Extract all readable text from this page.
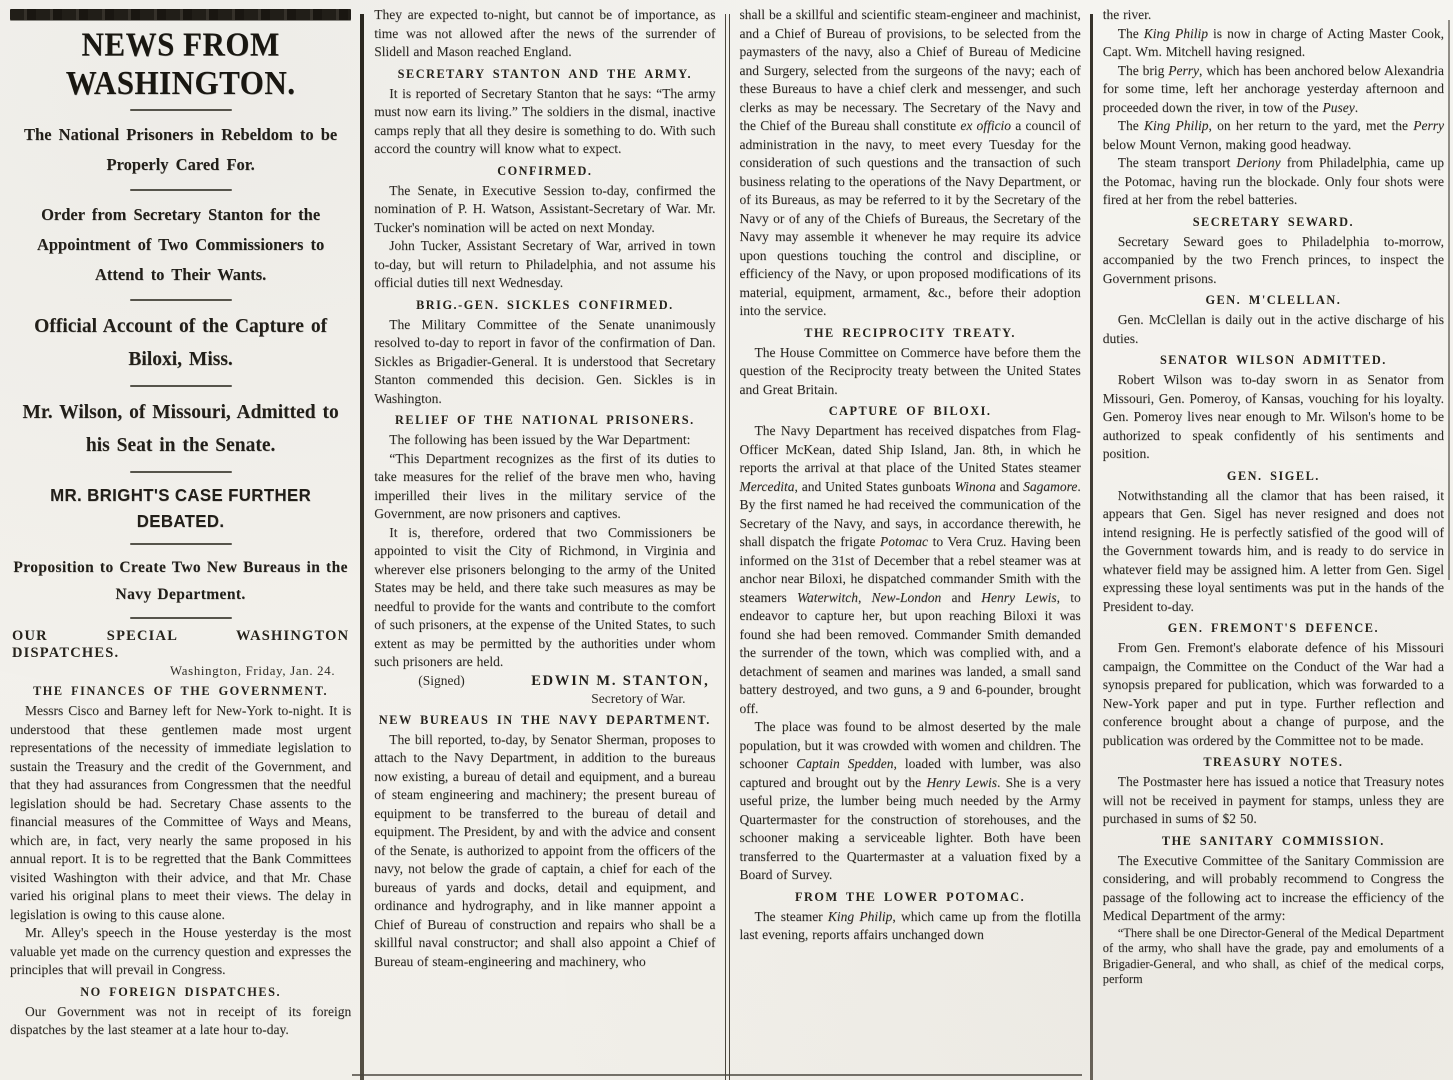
NEWS FROM WASHINGTON.
The National Prisoners in Rebeldom to be Properly Cared For.
Order from Secretary Stanton for the Appointment of Two Commissioners to Attend to Their Wants.
Official Account of the Capture of Biloxi, Miss.
Mr. Wilson, of Missouri, Admitted to his Seat in the Senate.
MR. BRIGHT'S CASE FURTHER DEBATED.
Proposition to Create Two New Bureaus in the Navy Department.
OUR SPECIAL WASHINGTON DISPATCHES.
Washington, Friday, Jan. 24.
THE FINANCES OF THE GOVERNMENT.

Messrs Cisco and Barney left for New-York to-night. It is understood that these gentlemen made most urgent representations of the necessity of immediate legislation to sustain the Treasury and the credit of the Government, and that they had assurances from Congressmen that the needful legislation should be had. Secretary Chase assents to the financial measures of the Committee of Ways and Means, which are, in fact, very nearly the same proposed in his annual report. It is to be regretted that the Bank Committees visited Washington with their advice, and that Mr. Chase varied his original plans to meet their views. The delay in legislation is owing to this cause alone.

Mr. Alley's speech in the House yesterday is the most valuable yet made on the currency question and expresses the principles that will prevail in Congress.

NO FOREIGN DISPATCHES.

Our Government was not in receipt of its foreign dispatches by the last steamer at a late hour to-day.

They are expected to-night, but cannot be of importance, as time was not allowed after the news of the surrender of Slidell and Mason reached England.

SECRETARY STANTON AND THE ARMY.

It is reported of Secretary Stanton that he says: “The army must now earn its living.” The soldiers in the dismal, inactive camps reply that all they desire is something to do. With such accord the country will know what to expect.

CONFIRMED.

The Senate, in Executive Session to-day, confirmed the nomination of P. H. Watson, Assistant-Secretary of War. Mr. Tucker's nomination will be acted on next Monday.

John Tucker, Assistant Secretary of War, arrived in town to-day, but will return to Philadelphia, and not assume his official duties till next Wednesday.

BRIG.-GEN. SICKLES CONFIRMED.

The Military Committee of the Senate unanimously resolved to-day to report in favor of the confirmation of Dan. Sickles as Brigadier-General. It is understood that Secretary Stanton commended this decision. Gen. Sickles is in Washington.

RELIEF OF THE NATIONAL PRISONERS.

The following has been issued by the War Department:

“This Department recognizes as the first of its duties to take measures for the relief of the brave men who, having imperilled their lives in the military service of the Government, are now prisoners and captives.

It is, therefore, ordered that two Commissioners be appointed to visit the City of Richmond, in Virginia and wherever else prisoners belonging to the army of the United States may be held, and there take such measures as may be needful to provide for the wants and contribute to the comfort of such prisoners, at the expense of the United States, to such extent as may be permitted by the authorities under whom such prisoners are held.

(Signed)	EDWIN M. STANTON,
Secretory of War.
NEW BUREAUS IN THE NAVY DEPARTMENT.

The bill reported, to-day, by Senator Sherman, proposes to attach to the Navy Department, in addition to the bureaus now existing, a bureau of detail and equipment, and a bureau of steam engineering and machinery; the present bureau of equipment to be transferred to the bureau of detail and equipment. The President, by and with the advice and consent of the Senate, is authorized to appoint from the officers of the navy, not below the grade of captain, a chief for each of the bureaus of yards and docks, detail and equipment, and ordinance and hydrography, and in like manner appoint a Chief of Bureau of construction and repairs who shall be a skillful naval constructor; and shall also appoint a Chief of Bureau of steam-engineering and machinery, who

shall be a skillful and scientific steam-engineer and machinist, and a Chief of Bureau of provisions, to be selected from the paymasters of the navy, also a Chief of Bureau of Medicine and Surgery, selected from the surgeons of the navy; each of these Bureaus to have a chief clerk and messenger, and such clerks as may be necessary. The Secretary of the Navy and the Chief of the Bureau shall constitute ex officio a council of administration in the navy, to meet every Tuesday for the consideration of such questions and the transaction of such business relating to the operations of the Navy Department, or of its Bureaus, as may be referred to it by the Secretary of the Navy or of any of the Chiefs of Bureaus, the Secretary of the Navy may assemble it whenever he may require its advice upon questions touching the control and discipline, or efficiency of the Navy, or upon proposed modifications of its material, equipment, armament, &c., before their adoption into the service.

THE RECIPROCITY TREATY.

The House Committee on Commerce have before them the question of the Reciprocity treaty between the United States and Great Britain.

CAPTURE OF BILOXI.

The Navy Department has received dispatches from Flag-Officer McKean, dated Ship Island, Jan. 8th, in which he reports the arrival at that place of the United States steamer Mercedita, and United States gunboats Winona and Sagamore. By the first named he had received the communication of the Secretary of the Navy, and says, in accordance therewith, he shall dispatch the frigate Potomac to Vera Cruz. Having been informed on the 31st of December that a rebel steamer was at anchor near Biloxi, he dispatched commander Smith with the steamers Waterwitch, New-London and Henry Lewis, to endeavor to capture her, but upon reaching Biloxi it was found she had been removed. Commander Smith demanded the surrender of the town, which was complied with, and a detachment of seamen and marines was landed, a small sand battery destroyed, and two guns, a 9 and 6-pounder, brought off.

The place was found to be almost deserted by the male population, but it was crowded with women and children. The schooner Captain Spedden, loaded with lumber, was also captured and brought out by the Henry Lewis. She is a very useful prize, the lumber being much needed by the Army Quartermaster for the construction of storehouses, and the schooner making a serviceable lighter. Both have been transferred to the Quartermaster at a valuation fixed by a Board of Survey.

FROM THE LOWER POTOMAC.

The steamer King Philip, which came up from the flotilla last evening, reports affairs unchanged down

the river.

The King Philip is now in charge of Acting Master Cook, Capt. Wm. Mitchell having resigned.

The brig Perry, which has been anchored below Alexandria for some time, left her anchorage yesterday afternoon and proceeded down the river, in tow of the Pusey.

The King Philip, on her return to the yard, met the Perry below Mount Vernon, making good headway.

The steam transport Deriony from Philadelphia, came up the Potomac, having run the blockade. Only four shots were fired at her from the rebel batteries.

SECRETARY SEWARD.

Secretary Seward goes to Philadelphia to-morrow, accompanied by the two French princes, to inspect the Government prisons.

GEN. M'CLELLAN.

Gen. McClellan is daily out in the active discharge of his duties.

SENATOR WILSON ADMITTED.

Robert Wilson was to-day sworn in as Senator from Missouri, Gen. Pomeroy, of Kansas, vouching for his loyalty. Gen. Pomeroy lives near enough to Mr. Wilson's home to be authorized to speak confidently of his sentiments and position.

GEN. SIGEL.

Notwithstanding all the clamor that has been raised, it appears that Gen. Sigel has never resigned and does not intend resigning. He is perfectly satisfied of the good will of the Government towards him, and is ready to do service in whatever field may be assigned him. A letter from Gen. Sigel expressing these loyal sentiments was put in the hands of the President to-day.

GEN. FREMONT'S DEFENCE.

From Gen. Fremont's elaborate defence of his Missouri campaign, the Committee on the Conduct of the War had a synopsis prepared for publication, which was forwarded to a New-York paper and put in type. Further reflection and conference brought about a change of purpose, and the publication was ordered by the Committee not to be made.

TREASURY NOTES.

The Postmaster here has issued a notice that Treasury notes will not be received in payment for stamps, unless they are purchased in sums of $2 50.

THE SANITARY COMMISSION.

The Executive Committee of the Sanitary Commission are considering, and will probably recommend to Congress the passage of the following act to increase the efficiency of the Medical Department of the army:

“There shall be one Director-General of the Medical Department of the army, who shall have the grade, pay and emoluments of a Brigadier-General, and who shall, as chief of the medical corps, perform
